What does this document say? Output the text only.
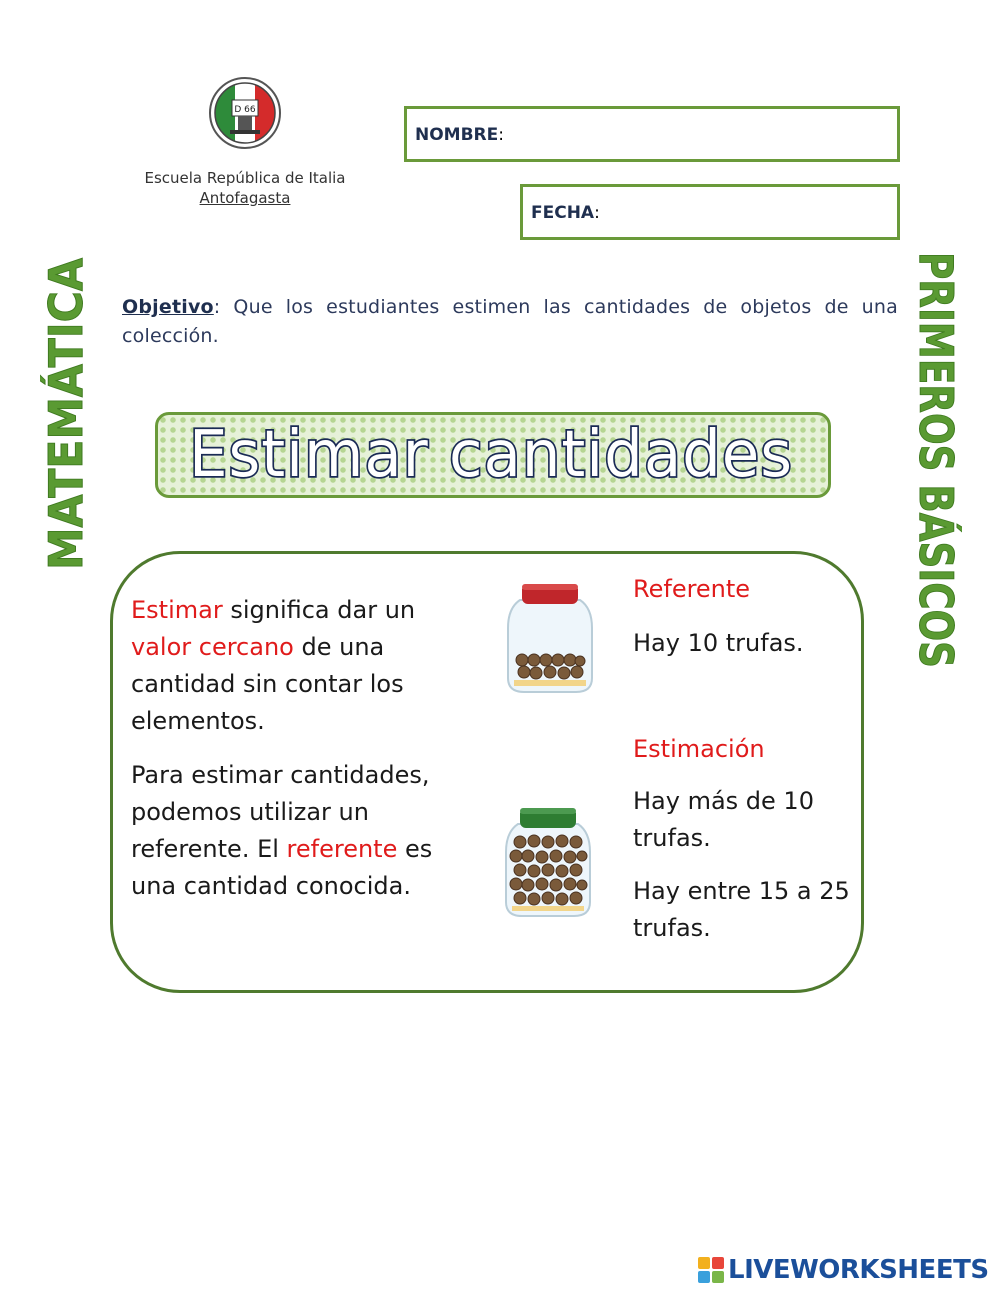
D 66
Escuela República de Italia
Antofagasta
NOMBRE:
FECHA:
MATEMÁTICA	PRIMEROS BÁSICOS
Objetivo: Que los estudiantes estimen las cantidades de objetos de una colección.
Estimar cantidades
Estimar significa dar un valor cercano de una cantidad sin contar los elementos.
Para estimar cantidades, podemos utilizar un referente. El referente es una cantidad conocida.
Referente
Hay 10 trufas.
Estimación
Hay más de 10 trufas.
Hay entre 15 a 25 trufas.
LIVEWORKSHEETS
